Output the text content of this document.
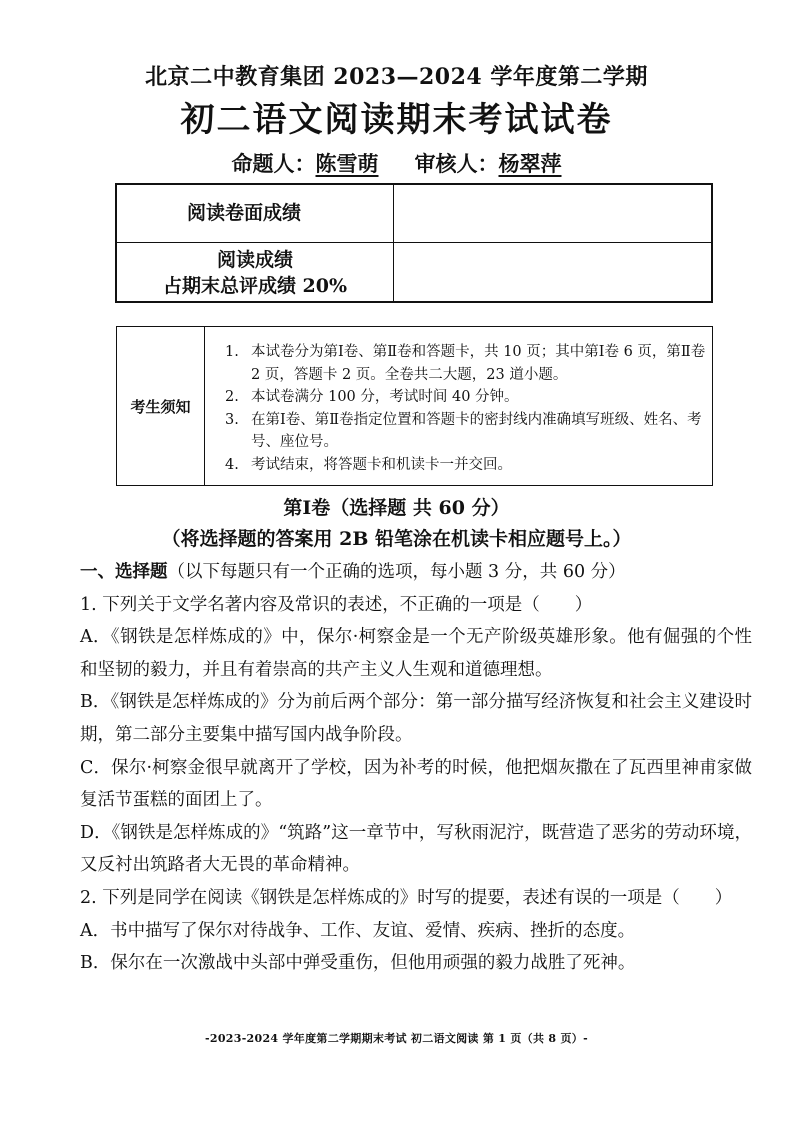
北京二中教育集团 2023—2024 学年度第二学期
初二语文阅读期末考试试卷
命题人：陈雪萌 审核人：杨翠萍
阅读卷面成绩
阅读成绩
占期末总评成绩 20%
考生须知
1. 本试卷分为第Ⅰ卷、第Ⅱ卷和答题卡，共 10 页；其中第Ⅰ卷 6 页，第Ⅱ卷 2 页，答题卡 2 页。全卷共二大题，23 道小题。
2. 本试卷满分 100 分，考试时间 40 分钟。
3. 在第Ⅰ卷、第Ⅱ卷指定位置和答题卡的密封线内准确填写班级、姓名、考号、座位号。
4. 考试结束，将答题卡和机读卡一并交回。
第Ⅰ卷（选择题 共 60 分）
（将选择题的答案用 2B 铅笔涂在机读卡相应题号上。）

一、选择题（以下每题只有一个正确的选项，每小题 3 分，共 60 分）

1. 下列关于文学名著内容及常识的表述，不正确的一项是（　　）

A．《钢铁是怎样炼成的》中，保尔·柯察金是一个无产阶级英雄形象。他有倔强的个性和坚韧的毅力，并且有着崇高的共产主义人生观和道德理想。

B．《钢铁是怎样炼成的》分为前后两个部分：第一部分描写经济恢复和社会主义建设时期，第二部分主要集中描写国内战争阶段。

C．保尔·柯察金很早就离开了学校，因为补考的时候，他把烟灰撒在了瓦西里神甫家做复活节蛋糕的面团上了。

D．《钢铁是怎样炼成的》“筑路”这一章节中，写秋雨泥泞，既营造了恶劣的劳动环境，又反衬出筑路者大无畏的革命精神。

2. 下列是同学在阅读《钢铁是怎样炼成的》时写的提要，表述有误的一项是（　　）

A．书中描写了保尔对待战争、工作、友谊、爱情、疾病、挫折的态度。

B．保尔在一次激战中头部中弹受重伤，但他用顽强的毅力战胜了死神。

-2023-2024 学年度第二学期期末考试 初二语文阅读 第 1 页（共 8 页）-
